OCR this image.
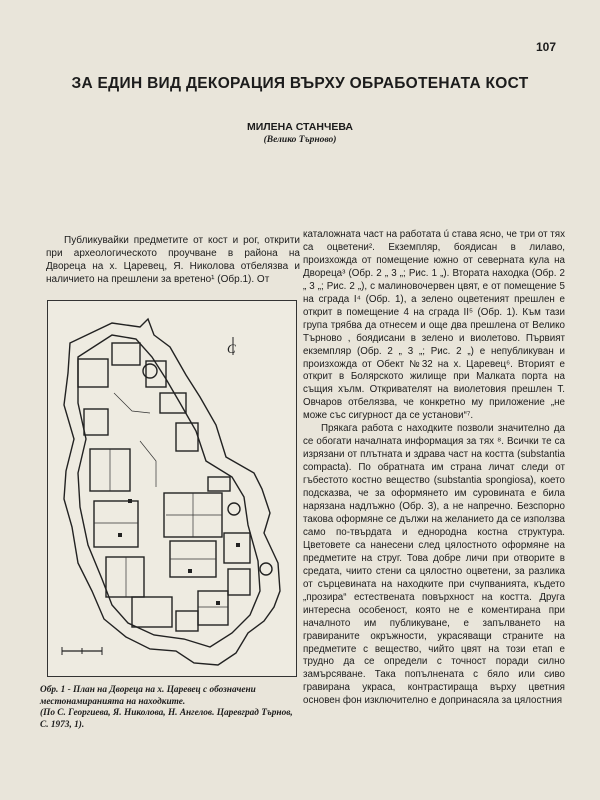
107
ЗА ЕДИН ВИД ДЕКОРАЦИЯ ВЪРХУ ОБРАБОТЕНАТА КОСТ
МИЛЕНА СТАНЧЕВА
(Велико Търново)

Публикувайки предметите от кост и рог, открити при археологическото проучване в района на Двореца на х. Царевец, Я. Николова отбелязва и наличието на прешлени за вретено¹ (Обр.1). От

С

Обр. 1 - План на Двореца на х. Царевец с обозначени местонамиранията на находките.

(По С. Георгиева, Я. Николова, Н. Ангелов. Царевград Търнов, С. 1973, 1).

каталожната част на работата ú става ясно, че три от тях са оцветени². Екземпляр, боядисан в лилаво, произхожда от помещение южно от северната кула на Двореца³ (Обр. 2 „ 3 „; Рис. 1 „). Втората находка (Обр. 2 „ 3 „; Рис. 2 „), с малиновочервен цвят, е от помещение 5 на сграда I⁴ (Обр. 1), а зелено оцветеният прешлен е открит в помещение 4 на сграда II⁵ (Обр. 1). Към тази група трябва да отнесем и още два прешлена от Велико Търново , боядисани в зелено и виолетово. Първият екземпляр (Обр. 2 „ 3 „; Рис. 2 „) е непубликуван и произхожда от Обект №32 на х. Царевец⁶. Вторият е открит в Болярското жилище при Малката порта на същия хълм. Откривателят на виолетовия прешлен Т. Овчаров отбелязва, че конкретно му приложение „не може със сигурност да се установи“⁷.

Прякага работа с находките позволи значително да се обогати началната информация за тях ⁸. Всички те са изрязани от плътната и здрава част на костта (substantia compacta). По обратната им страна личат следи от гъбестото костно вещество (substantia spongiosa), което подсказва, че за оформянето им суровината е била нарязана надлъжно (Обр. 3), а не напречно. Безспорно такова оформяне се дължи на желанието да се използва само по-твърдата и еднородна костна структура. Цветовете са нанесени след цялостното оформяне на предметите на струг. Това добре личи при отворите в средата, чиито стени са цялостно оцветени, за разлика от сърцевината на находките при счупванията, където „прозира“ естествената повърхност на костта. Друга интересна особеност, която не е коментирана при началното им публикуване, е запълването на гравираните окръжности, украсяващи страните на предметите с вещество, чийто цвят на този етап е трудно да се определи с точност поради силно замърсяване. Така попълнената с бяло или сиво гравирана украса, контрастираща върху цветния основен фон изключително е допринасяла за цялостния
